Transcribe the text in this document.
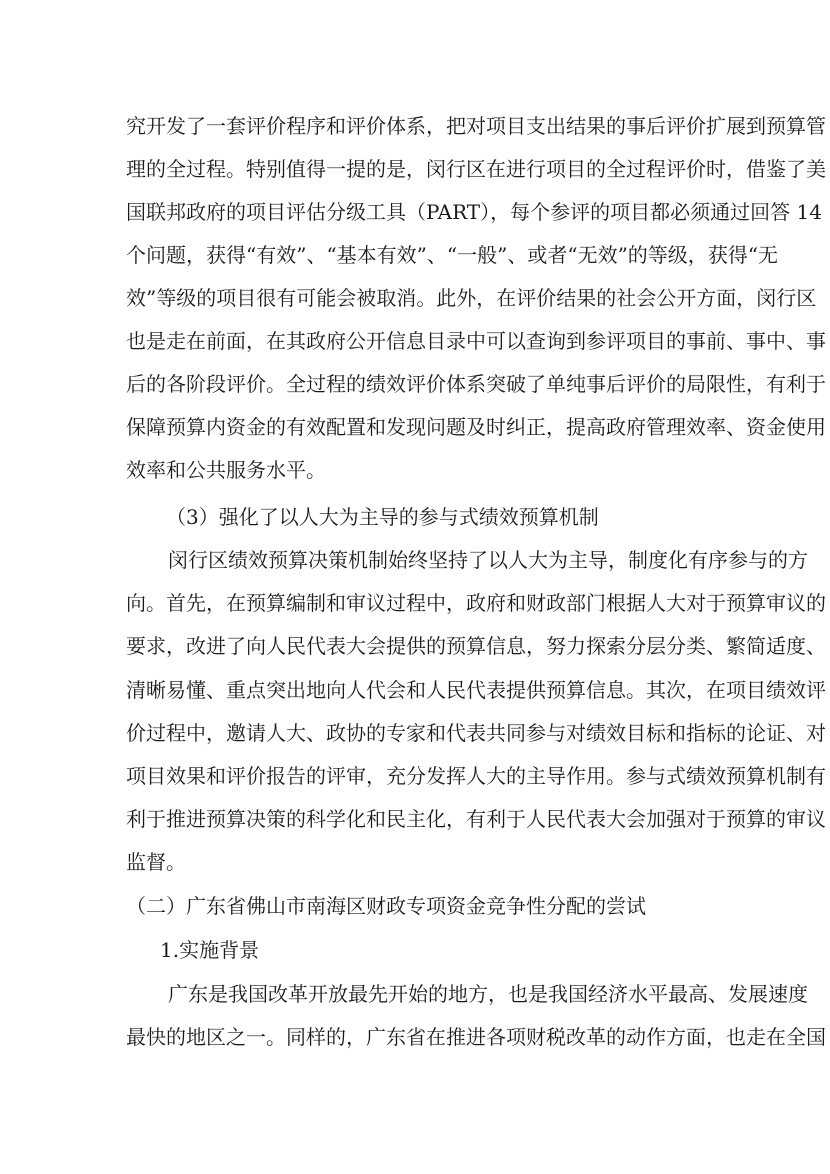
究开发了一套评价程序和评价体系，把对项目支出结果的事后评价扩展到预算管
理的全过程。特别值得一提的是，闵行区在进行项目的全过程评价时，借鉴了美
国联邦政府的项目评估分级工具（PART），每个参评的项目都必须通过回答 14
个问题，获得“有效”、“基本有效”、“一般”、或者“无效”的等级，获得“无
效”等级的项目很有可能会被取消。此外，在评价结果的社会公开方面，闵行区
也是走在前面，在其政府公开信息目录中可以查询到参评项目的事前、事中、事
后的各阶段评价。全过程的绩效评价体系突破了单纯事后评价的局限性，有利于
保障预算内资金的有效配置和发现问题及时纠正，提高政府管理效率、资金使用
效率和公共服务水平。
（3）强化了以人大为主导的参与式绩效预算机制
闵行区绩效预算决策机制始终坚持了以人大为主导，制度化有序参与的方
向。首先，在预算编制和审议过程中，政府和财政部门根据人大对于预算审议的
要求，改进了向人民代表大会提供的预算信息，努力探索分层分类、繁简适度、
清晰易懂、重点突出地向人代会和人民代表提供预算信息。其次，在项目绩效评
价过程中，邀请人大、政协的专家和代表共同参与对绩效目标和指标的论证、对
项目效果和评价报告的评审，充分发挥人大的主导作用。参与式绩效预算机制有
利于推进预算决策的科学化和民主化，有利于人民代表大会加强对于预算的审议
监督。
（二）广东省佛山市南海区财政专项资金竞争性分配的尝试
1.实施背景
广东是我国改革开放最先开始的地方，也是我国经济水平最高、发展速度
最快的地区之一。同样的，广东省在推进各项财税改革的动作方面，也走在全国
